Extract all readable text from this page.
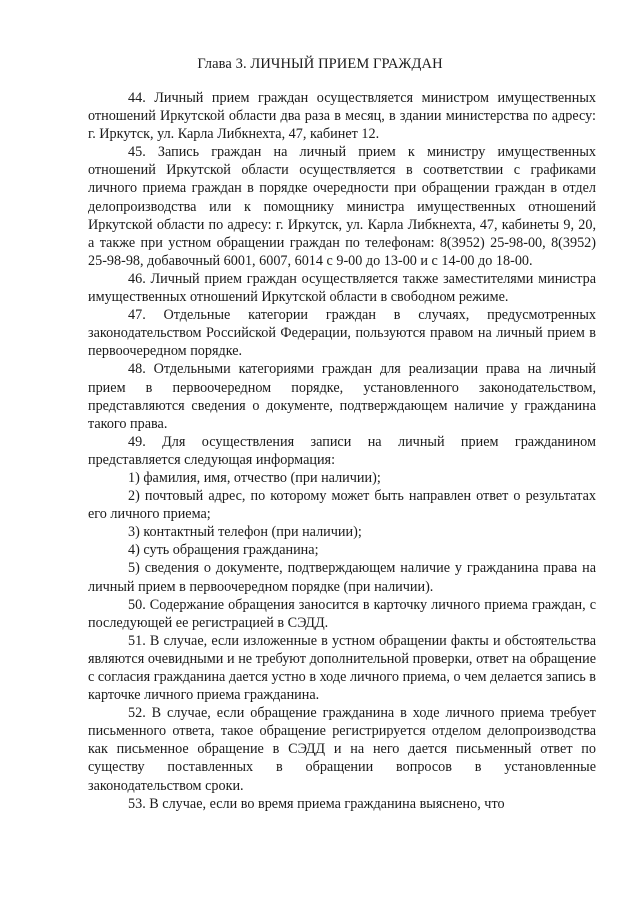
Глава 3. ЛИЧНЫЙ ПРИЕМ ГРАЖДАН

44. Личный прием граждан осуществляется министром имущественных отношений Иркутской области два раза в месяц, в здании министерства по адресу: г. Иркутск, ул. Карла Либкнехта, 47, кабинет 12.

45. Запись граждан на личный прием к министру имущественных отношений Иркутской области осуществляется в соответствии с графиками личного приема граждан в порядке очередности при обращении граждан в отдел делопроизводства или к помощнику министра имущественных отношений Иркутской области по адресу: г. Иркутск, ул. Карла Либкнехта, 47, кабинеты 9, 20, а также при устном обращении граждан по телефонам: 8(3952) 25-98-00, 8(3952) 25-98-98, добавочный 6001, 6007, 6014 с 9-00 до 13-00 и с 14-00 до 18-00.

46. Личный прием граждан осуществляется также заместителями министра имущественных отношений Иркутской области в свободном режиме.

47. Отдельные категории граждан в случаях, предусмотренных законодательством Российской Федерации, пользуются правом на личный прием в первоочередном порядке.

48. Отдельными категориями граждан для реализации права на личный прием в первоочередном порядке, установленного законодательством, представляются сведения о документе, подтверждающем наличие у гражданина такого права.

49. Для осуществления записи на личный прием гражданином представляется следующая информация:

1) фамилия, имя, отчество (при наличии);

2) почтовый адрес, по которому может быть направлен ответ о результатах его личного приема;

3) контактный телефон (при наличии);

4) суть обращения гражданина;

5) сведения о документе, подтверждающем наличие у гражданина права на личный прием в первоочередном порядке (при наличии).

50. Содержание обращения заносится в карточку личного приема граждан, с последующей ее регистрацией в СЭДД.

51. В случае, если изложенные в устном обращении факты и обстоятельства являются очевидными и не требуют дополнительной проверки, ответ на обращение с согласия гражданина дается устно в ходе личного приема, о чем делается запись в карточке личного приема гражданина.

52. В случае, если обращение гражданина в ходе личного приема требует письменного ответа, такое обращение регистрируется отделом делопроизводства как письменное обращение в СЭДД и на него дается письменный ответ по существу поставленных в обращении вопросов в установленные законодательством сроки.

53. В случае, если во время приема гражданина выяснено, что
